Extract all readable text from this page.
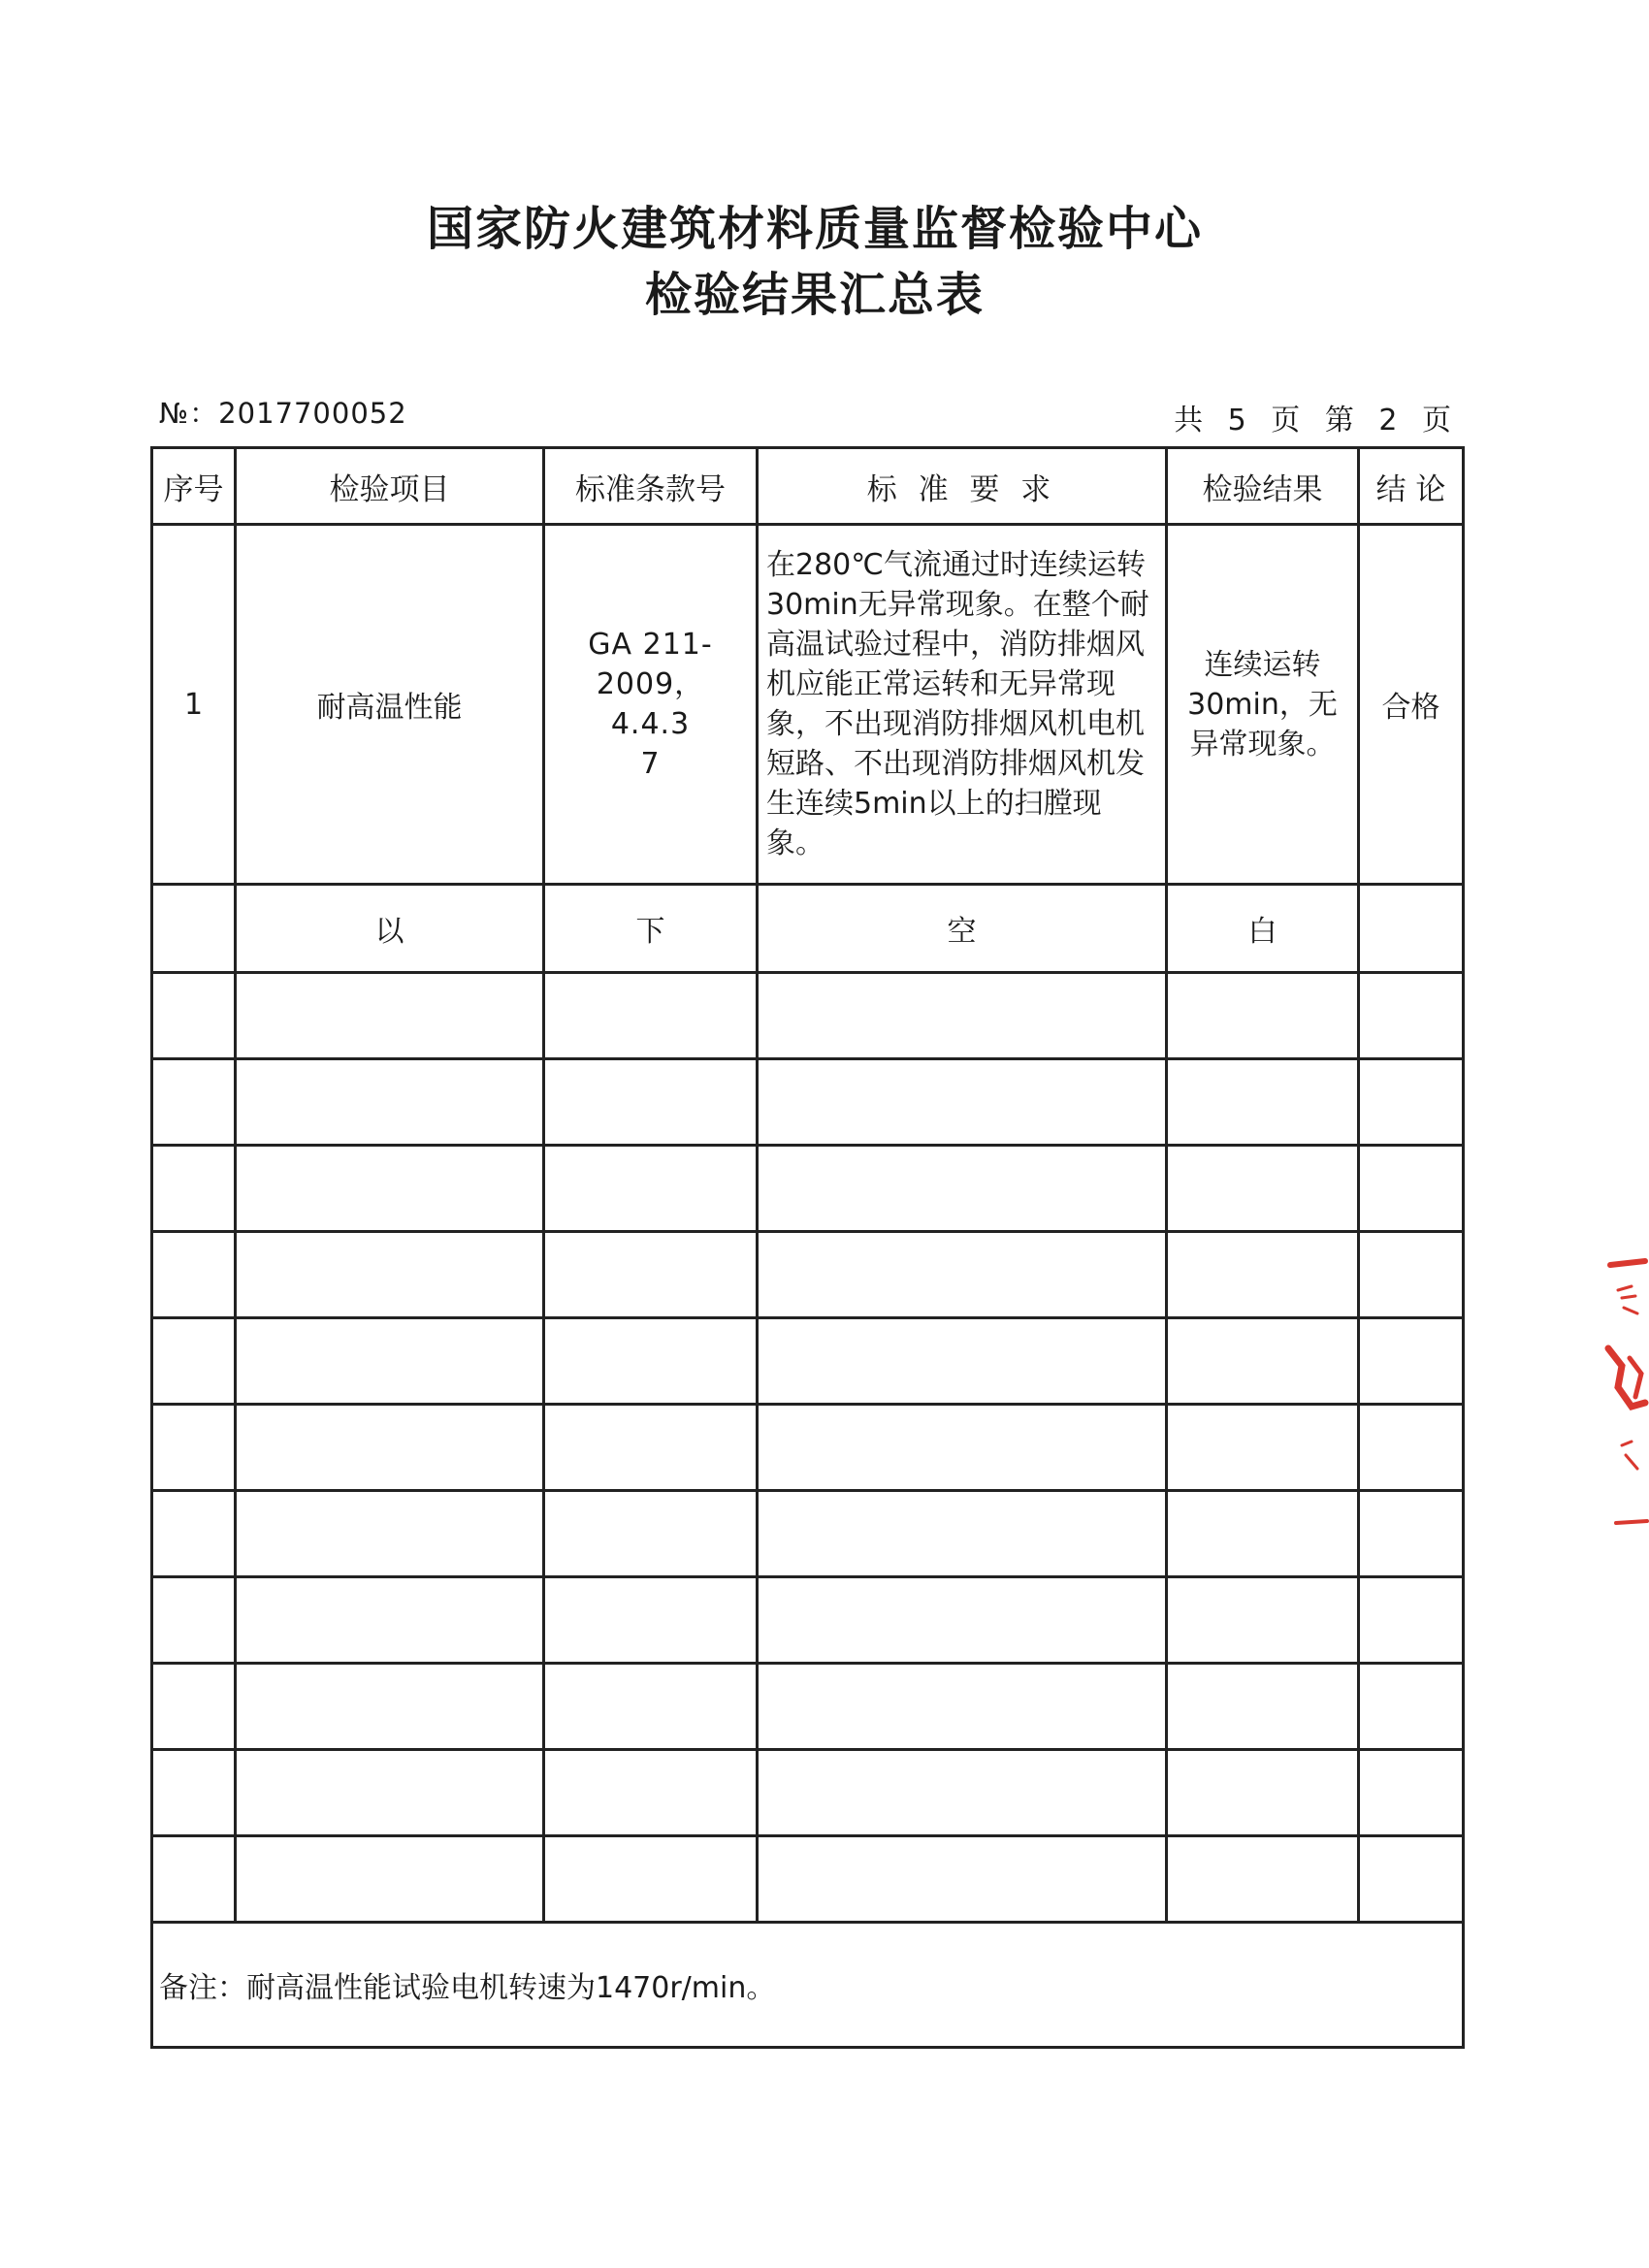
国家防火建筑材料质量监督检验中心
检验结果汇总表
№：2017700052	共 5 页 第 2 页
序号	检验项目	标准条款号	标 准 要 求	检验结果	结 论
1	耐高温性能	GA 211-
2009，
4.4.3
7	在280℃气流通过时连续运转30min无异常现象。在整个耐高温试验过程中，消防排烟风机应能正常运转和无异常现象，不出现消防排烟风机电机短路、不出现消防排烟风机发生连续5min以上的扫膛现象。	连续运转30min，无异常现象。	合格
	以	下	空	白	

备注：耐高温性能试验电机转速为1470r/min。					
